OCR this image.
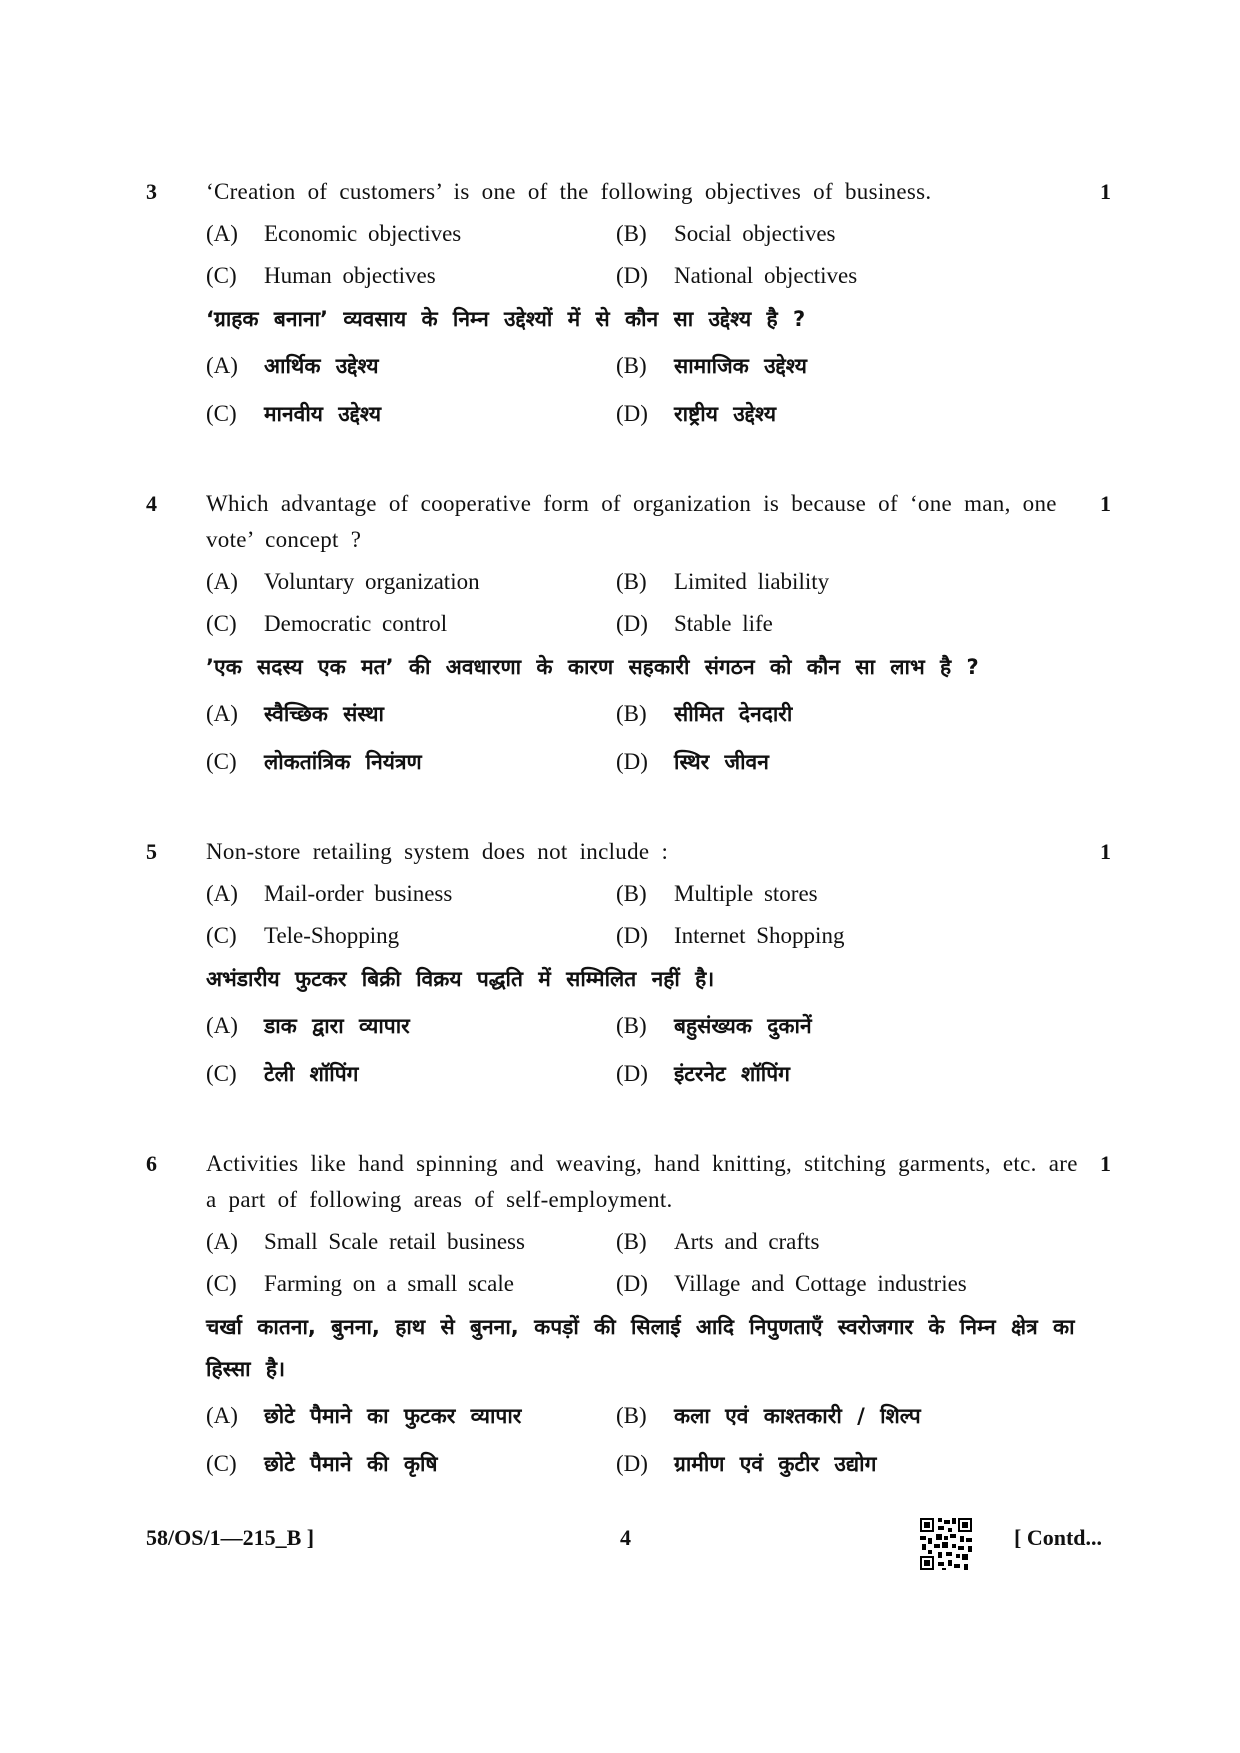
3	1
‘Creation of customers’ is one of the following objectives of business.
(A) Economic objectives	(B) Social objectives
(C) Human objectives	(D) National objectives
‘ग्राहक बनाना’ व्यवसाय के निम्न उद्देश्यों में से कौन सा उद्देश्य है ?
(A) आर्थिक उद्देश्य	(B) सामाजिक उद्देश्य
(C) मानवीय उद्देश्य	(D) राष्ट्रीय उद्देश्य
4	1
Which advantage of cooperative form of organization is because of ‘one man, one vote’ concept ?
(A) Voluntary organization	(B) Limited liability
(C) Democratic control	(D) Stable life
’एक सदस्य एक मत’ की अवधारणा के कारण सहकारी संगठन को कौन सा लाभ है ?
(A) स्वैच्छिक संस्था	(B) सीमित देनदारी
(C) लोकतांत्रिक नियंत्रण	(D) स्थिर जीवन
5	1
Non-store retailing system does not include :
(A) Mail-order business	(B) Multiple stores
(C) Tele-Shopping	(D) Internet Shopping
अभंडारीय फुटकर बिक्री विक्रय पद्धति में सम्मिलित नहीं है।
(A) डाक द्वारा व्यापार	(B) बहुसंख्यक दुकानें
(C) टेली शॉपिंग	(D) इंटरनेट शॉपिंग
6	1
Activities like hand spinning and weaving, hand knitting, stitching garments, etc. are a part of following areas of self-employment.
(A) Small Scale retail business	(B) Arts and crafts
(C) Farming on a small scale	(D) Village and Cottage industries
चर्खा कातना, बुनना, हाथ से बुनना, कपड़ों की सिलाई आदि निपुणताएँ स्वरोजगार के निम्न क्षेत्र का हिस्सा है।
(A) छोटे पैमाने का फुटकर व्यापार	(B) कला एवं काश्तकारी / शिल्प
(C) छोटे पैमाने की कृषि	(D) ग्रामीण एवं कुटीर उद्योग
58/OS/1—215_B ]	4	[ Contd...
